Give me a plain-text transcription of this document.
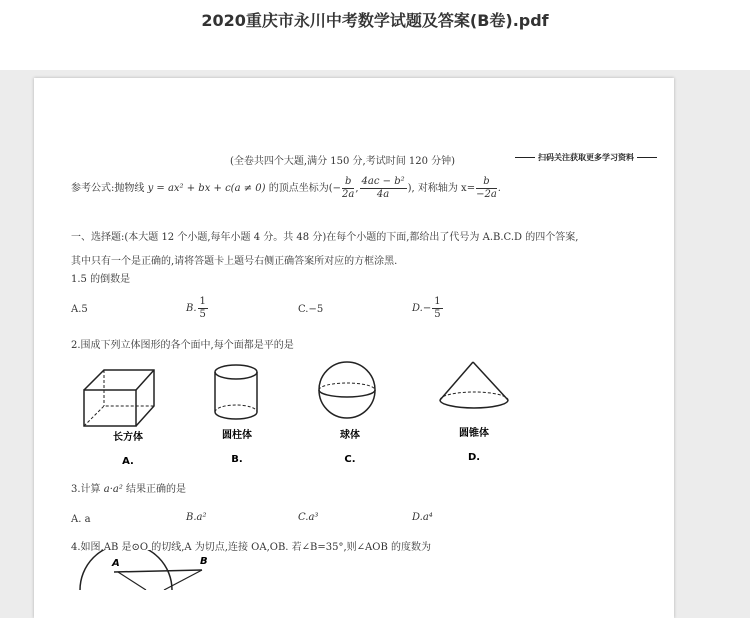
2020重庆市永川中考数学试题及答案(B卷).pdf
(全卷共四个大题,满分 150 分,考试时间 120 分钟)	扫码关注获取更多学习资料
参考公式:抛物线 y = ax² + bx + c(a ≠ 0) 的顶点坐标为(− $\frac{b}{2a}$ , $\frac{\text{4ac − b²}}{4a}$ ), 对称轴为 $x= \frac{b}{-2a}$ .
一、选择题:(本大题 12 个小题,每年小题 4 分。共 48 分)在每个小题的下面,都给出了代号为 A.B.C.D 的四个答案,
其中只有一个是正确的,请将答题卡上题号右侧正确答案所对应的方框涂黑.
1.5 的倒数是
A.5	B. $\frac{1}{5}$	C.−5	$D.- \frac{1}{5}$
2.围成下列立体图形的各个面中,每个面都是平的是
长方体	圆柱体	球体	圆锥体
A.	B.	C.	D.
3.计算 a·a² 结果正确的是
A. a	B.a²	C.a³	D.a⁴
4.如图,AB 是⊙O 的切线,A 为切点,连接 OA,OB. 若∠B=35°,则∠AOB 的度数为
A	B
